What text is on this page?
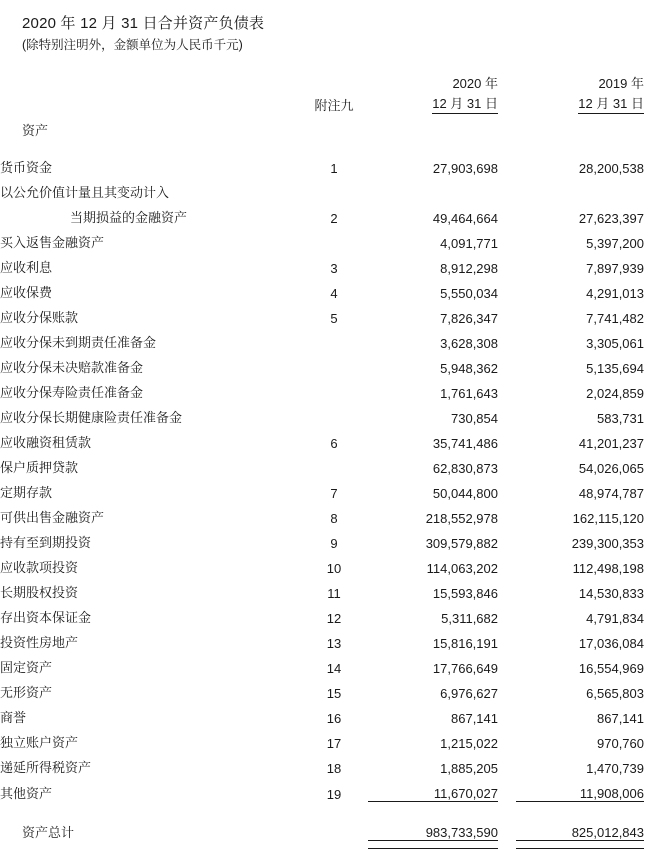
2020 年 12 月 31 日合并资产负债表
(除特别注明外，金额单位为人民币千元)
		2020 年		2019 年	
	附注九	12 月 31 日		12 月 31 日	
资产					

货币资金	1	27,903,698		28,200,538	
以公允价值计量且其变动计入					
当期损益的金融资产	2	49,464,664		27,623,397	
买入返售金融资产		4,091,771		5,397,200	
应收利息	3	8,912,298		7,897,939	
应收保费	4	5,550,034		4,291,013	
应收分保账款	5	7,826,347		7,741,482	
应收分保未到期责任准备金		3,628,308		3,305,061	
应收分保未决赔款准备金		5,948,362		5,135,694	
应收分保寿险责任准备金		1,761,643		2,024,859	
应收分保长期健康险责任准备金		730,854		583,731	
应收融资租赁款	6	35,741,486		41,201,237	
保户质押贷款		62,830,873		54,026,065	
定期存款	7	50,044,800		48,974,787	
可供出售金融资产	8	218,552,978		162,115,120	
持有至到期投资	9	309,579,882		239,300,353	
应收款项投资	10	114,063,202		112,498,198	
长期股权投资	11	15,593,846		14,530,833	
存出资本保证金	12	5,311,682		4,791,834	
投资性房地产	13	15,816,191		17,036,084	
固定资产	14	17,766,649		16,554,969	
无形资产	15	6,976,627		6,565,803	
商誉	16	867,141		867,141	
独立账户资产	17	1,215,022		970,760	
递延所得税资产	18	1,885,205		1,470,739	
其他资产	19	11,670,027		11,908,006	

资产总计		983,733,590		825,012,843	
